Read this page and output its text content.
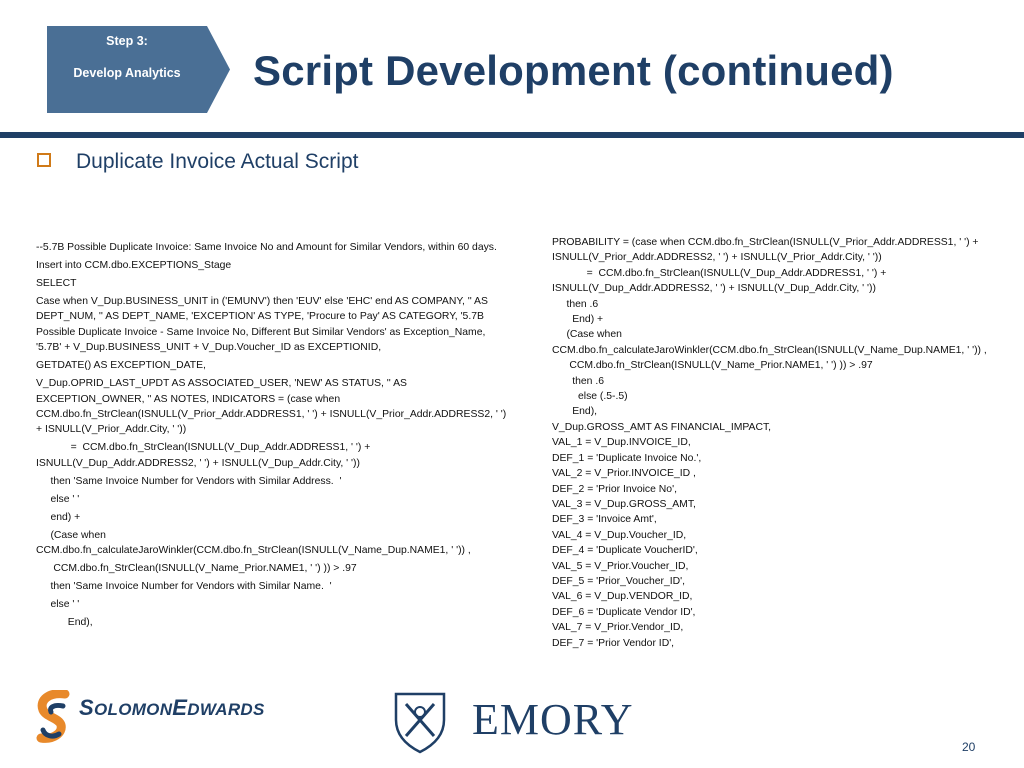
Step 3:
Develop Analytics	Script Development (continued)
Duplicate Invoice Actual Script

--5.7B Possible Duplicate Invoice: Same Invoice No and Amount for Similar Vendors, within 60 days.

Insert into CCM.dbo.EXCEPTIONS_Stage

SELECT

Case when V_Dup.BUSINESS_UNIT in ('EMUNV') then 'EUV' else 'EHC' end AS COMPANY, '' AS DEPT_NUM, '' AS DEPT_NAME, 'EXCEPTION' AS TYPE, 'Procure to Pay' AS CATEGORY, '5.7B Possible Duplicate Invoice - Same Invoice No, Different But Similar Vendors' as Exception_Name, '5.7B' + V_Dup.BUSINESS_UNIT + V_Dup.Voucher_ID as EXCEPTIONID,

GETDATE() AS EXCEPTION_DATE,

V_Dup.OPRID_LAST_UPDT AS ASSOCIATED_USER, 'NEW' AS STATUS, '' AS EXCEPTION_OWNER, '' AS NOTES, INDICATORS = (case when CCM.dbo.fn_StrClean(ISNULL(V_Prior_Addr.ADDRESS1, ' ') + ISNULL(V_Prior_Addr.ADDRESS2, ' ') + ISNULL(V_Prior_Addr.City, ' '))

=  CCM.dbo.fn_StrClean(ISNULL(V_Dup_Addr.ADDRESS1, ' ') + ISNULL(V_Dup_Addr.ADDRESS2, ' ') + ISNULL(V_Dup_Addr.City, ' '))

then 'Same Invoice Number for Vendors with Similar Address.  '

else ' '

end) +

(Case when CCM.dbo.fn_calculateJaroWinkler(CCM.dbo.fn_StrClean(ISNULL(V_Name_Dup.NAME1, ' ')) ,

CCM.dbo.fn_StrClean(ISNULL(V_Name_Prior.NAME1, ' ') )) > .97

then 'Same Invoice Number for Vendors with Similar Name.  '

else ' '

End),

PROBABILITY = (case when CCM.dbo.fn_StrClean(ISNULL(V_Prior_Addr.ADDRESS1, ' ') + ISNULL(V_Prior_Addr.ADDRESS2, ' ') + ISNULL(V_Prior_Addr.City, ' '))

=  CCM.dbo.fn_StrClean(ISNULL(V_Dup_Addr.ADDRESS1, ' ') + ISNULL(V_Dup_Addr.ADDRESS2, ' ') + ISNULL(V_Dup_Addr.City, ' '))

then .6

End) +

(Case when CCM.dbo.fn_calculateJaroWinkler(CCM.dbo.fn_StrClean(ISNULL(V_Name_Dup.NAME1, ' ')) ,

CCM.dbo.fn_StrClean(ISNULL(V_Name_Prior.NAME1, ' ') )) > .97

then .6

else (.5-.5)

End),

V_Dup.GROSS_AMT AS FINANCIAL_IMPACT,

VAL_1 = V_Dup.INVOICE_ID,

DEF_1 = 'Duplicate Invoice No.',

VAL_2 = V_Prior.INVOICE_ID ,

DEF_2 = 'Prior Invoice No',

VAL_3 = V_Dup.GROSS_AMT,

DEF_3 = 'Invoice Amt',

VAL_4 = V_Dup.Voucher_ID,

DEF_4 = 'Duplicate VoucherID',

VAL_5 = V_Prior.Voucher_ID,

DEF_5 = 'Prior_Voucher_ID',

VAL_6 = V_Dup.VENDOR_ID,

DEF_6 = 'Duplicate Vendor ID',

VAL_7 = V_Prior.Vendor_ID,

DEF_7 = 'Prior Vendor ID',

SOLOMONEDWARDS	EMORY
20
